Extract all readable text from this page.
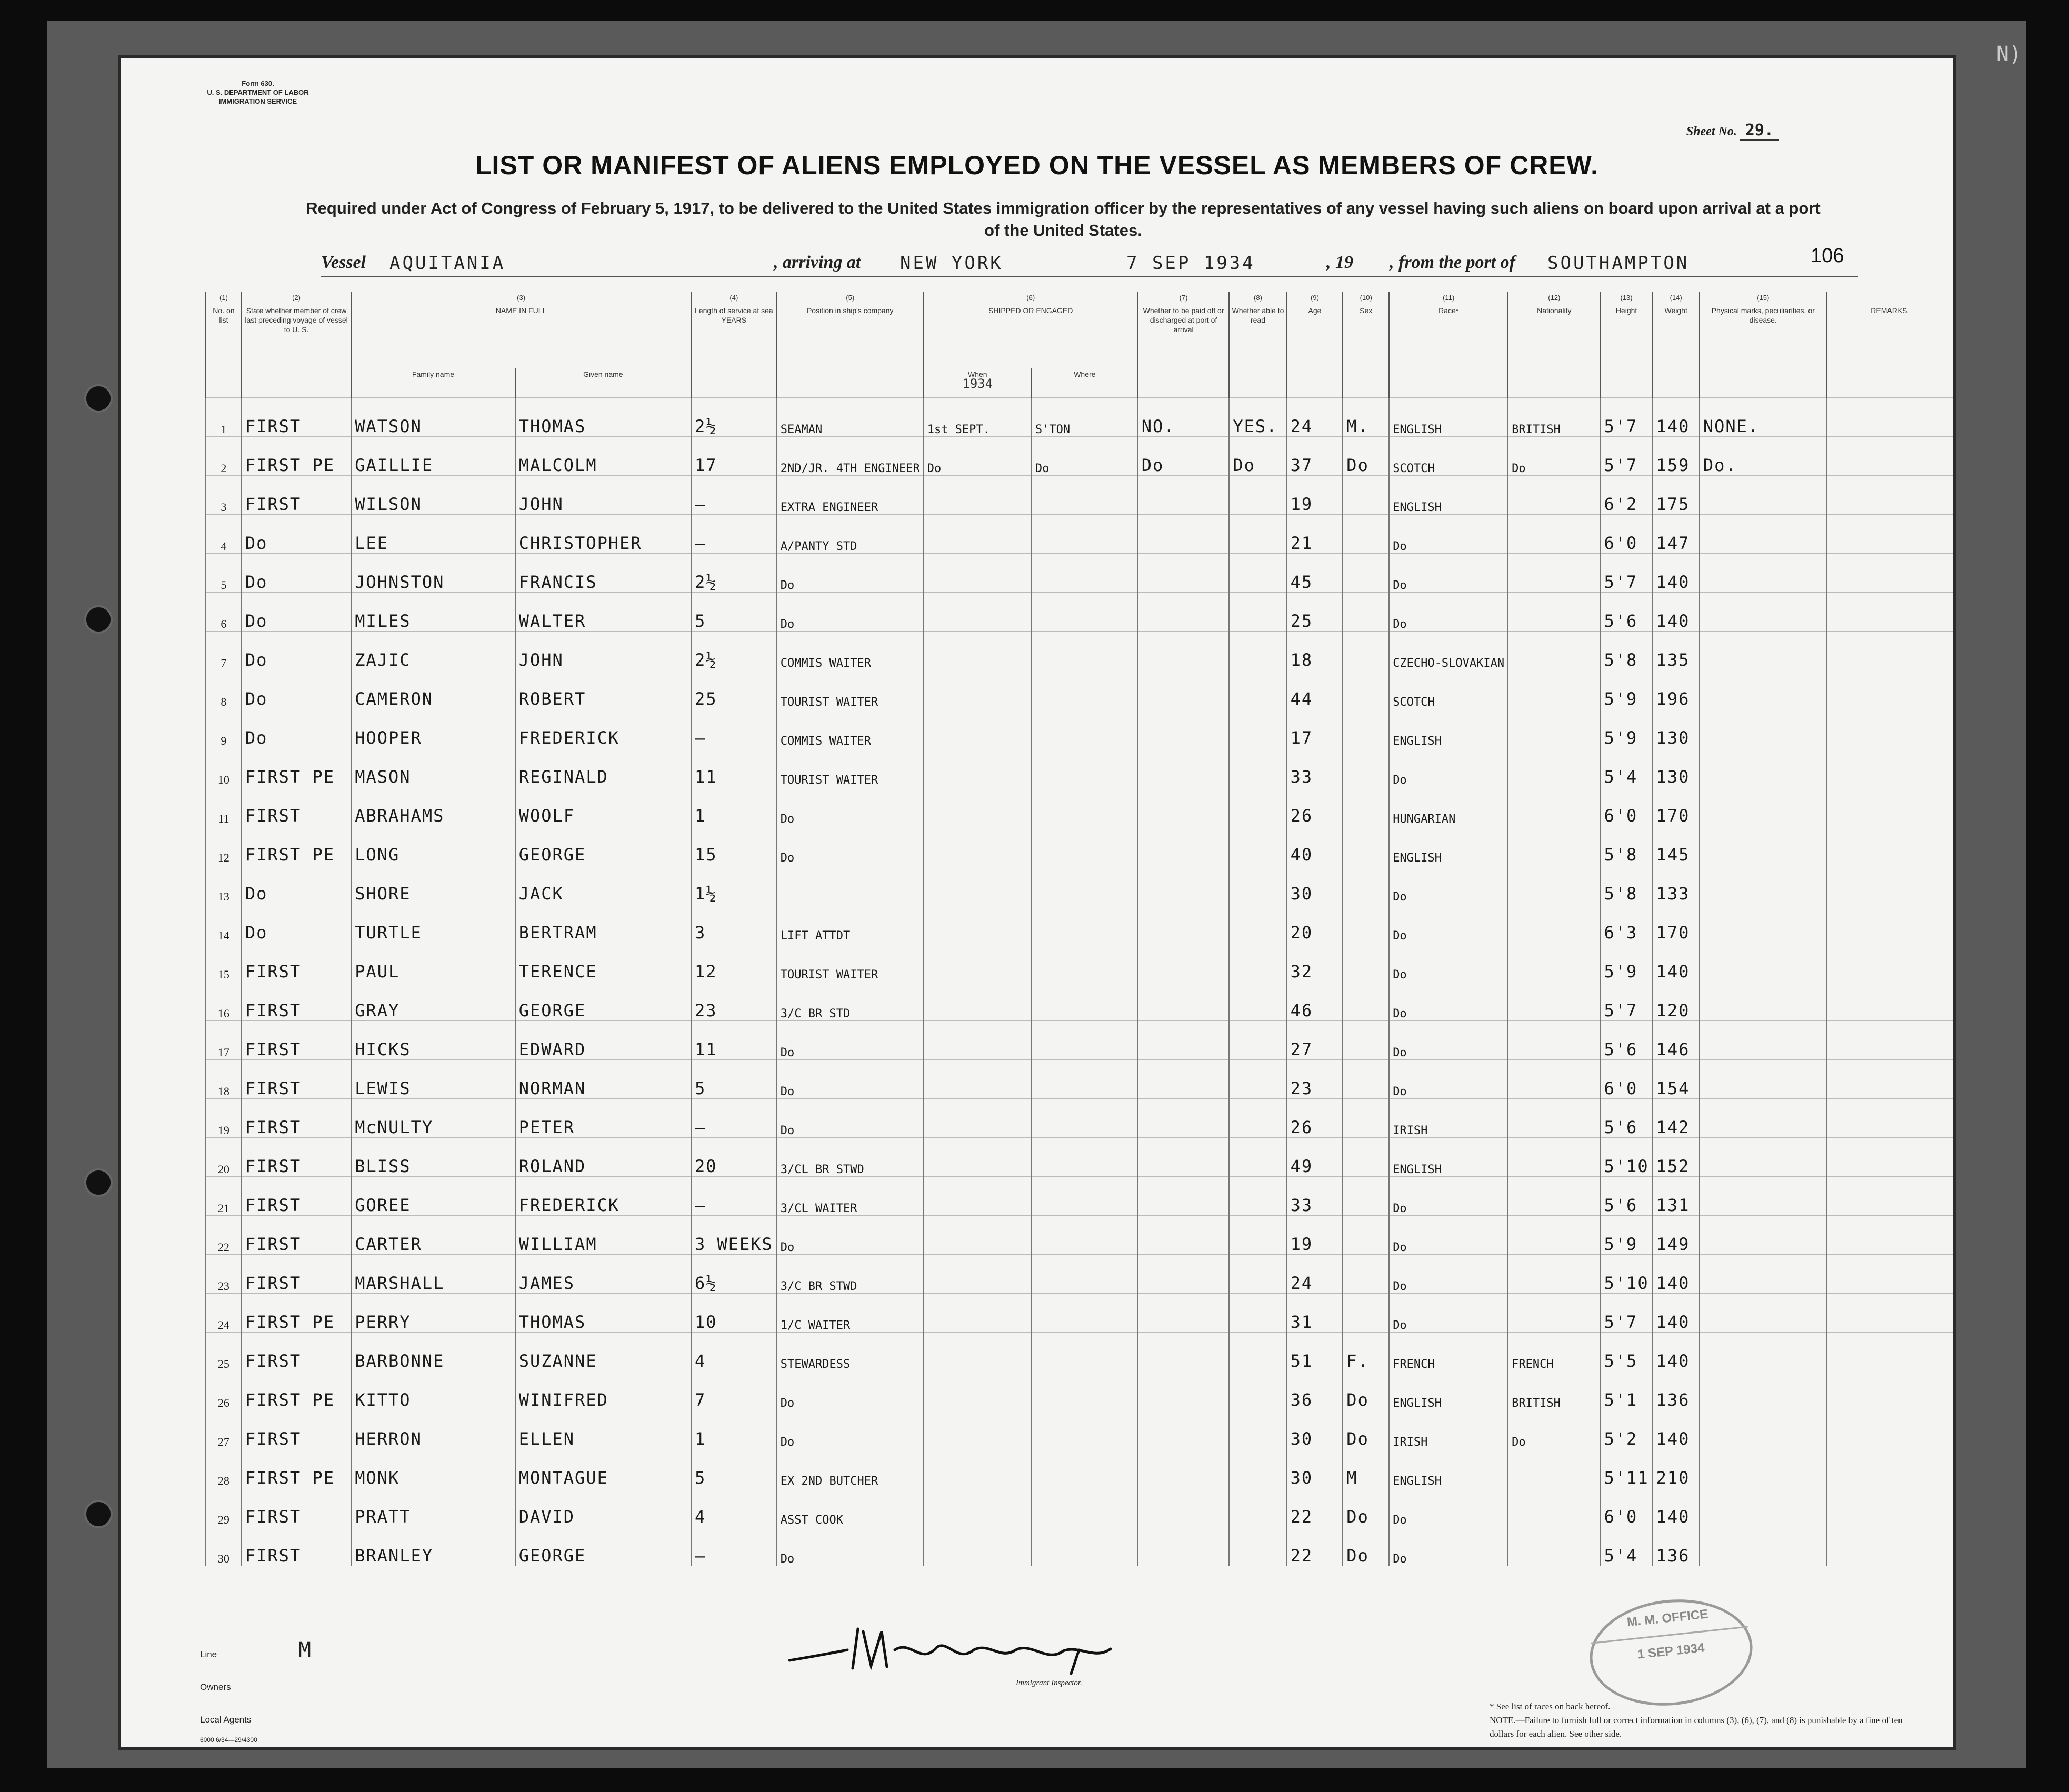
N)
Form 630.
U. S. DEPARTMENT OF LABOR
IMMIGRATION SERVICE
Sheet No. 29.
LIST OR MANIFEST OF ALIENS EMPLOYED ON THE VESSEL AS MEMBERS OF CREW.
Required under Act of Congress of February 5, 1917, to be delivered to the United States immigration officer by the representatives of any vessel having such aliens on board upon arrival at a port of the United States.
Vessel AQUITANIA	, arriving at NEW YORK	7 SEP 1934	, 19 , from the port of SOUTHAMPTON	106
(1)
No. on list	(2)
State whether member of crew last preceding voyage of vessel to U. S.	(3)
NAME IN FULL		(4)
Length of service at sea
YEARS	(5)
Position in ship's company	(6)
SHIPPED OR ENGAGED		(7)
Whether to be paid off or discharged at port of arrival	(8)
Whether able to read	(9)
Age	(10)
Sex	(11)
Race*	(12)
Nationality	(13)
Height	(14)
Weight	(15)
Physical marks, peculiarities, or disease.	REMARKS.
		Family name	Given name			When
1934	Where										
1	FIRST	WATSON	THOMAS	2½	SEAMAN	1st SEPT.	S'TON	NO.	YES.	24	M.	ENGLISH	BRITISH	5'7	140	NONE.	
2	FIRST PE	GAILLIE	MALCOLM	17	2ND/JR. 4TH ENGINEER	Do	Do	Do	Do	37	Do	SCOTCH	Do	5'7	159	Do.	
3	FIRST	WILSON	JOHN	—	EXTRA ENGINEER					19		ENGLISH		6'2	175		
4	Do	LEE	CHRISTOPHER	—	A/PANTY STD					21		Do		6'0	147		
5	Do	JOHNSTON	FRANCIS	2½	Do					45		Do		5'7	140		
6	Do	MILES	WALTER	5	Do					25		Do		5'6	140		
7	Do	ZAJIC	JOHN	2½	COMMIS WAITER					18		CZECHO-SLOVAKIAN		5'8	135		
8	Do	CAMERON	ROBERT	25	TOURIST WAITER					44		SCOTCH		5'9	196		
9	Do	HOOPER	FREDERICK	—	COMMIS WAITER					17		ENGLISH		5'9	130		
10	FIRST PE	MASON	REGINALD	11	TOURIST WAITER					33		Do		5'4	130		
11	FIRST	ABRAHAMS	WOOLF	1	Do					26		HUNGARIAN		6'0	170		
12	FIRST PE	LONG	GEORGE	15	Do					40		ENGLISH		5'8	145		
13	Do	SHORE	JACK	1½						30		Do		5'8	133		
14	Do	TURTLE	BERTRAM	3	LIFT ATTDT					20		Do		6'3	170		
15	FIRST	PAUL	TERENCE	12	TOURIST WAITER					32		Do		5'9	140		
16	FIRST	GRAY	GEORGE	23	3/C BR STD					46		Do		5'7	120		
17	FIRST	HICKS	EDWARD	11	Do					27		Do		5'6	146		
18	FIRST	LEWIS	NORMAN	5	Do					23		Do		6'0	154		
19	FIRST	McNULTY	PETER	—	Do					26		IRISH		5'6	142		
20	FIRST	BLISS	ROLAND	20	3/CL BR STWD					49		ENGLISH		5'10	152		
21	FIRST	GOREE	FREDERICK	—	3/CL WAITER					33		Do		5'6	131		
22	FIRST	CARTER	WILLIAM	3 WEEKS	Do					19		Do		5'9	149		
23	FIRST	MARSHALL	JAMES	6½	3/C BR STWD					24		Do		5'10	140		
24	FIRST PE	PERRY	THOMAS	10	1/C WAITER					31		Do		5'7	140		
25	FIRST	BARBONNE	SUZANNE	4	STEWARDESS					51	F.	FRENCH	FRENCH	5'5	140		
26	FIRST PE	KITTO	WINIFRED	7	Do					36	Do	ENGLISH	BRITISH	5'1	136		
27	FIRST	HERRON	ELLEN	1	Do					30	Do	IRISH	Do	5'2	140		
28	FIRST PE	MONK	MONTAGUE	5	EX 2ND BUTCHER					30	M	ENGLISH		5'11	210		
29	FIRST	PRATT	DAVID	4	ASST COOK					22	Do	Do		6'0	140		
30	FIRST	BRANLEY	GEORGE	—	Do					22	Do	Do		5'4	136		
Line	M
Owners
Local Agents
6000 6/34—29/4300
Immigrant Inspector.
M. M. OFFICE
1 SEP 1934
* See list of races on back hereof.
NOTE.—Failure to furnish full or correct information in columns (3), (6), (7), and (8) is punishable by a fine of ten dollars for each alien. See other side.
